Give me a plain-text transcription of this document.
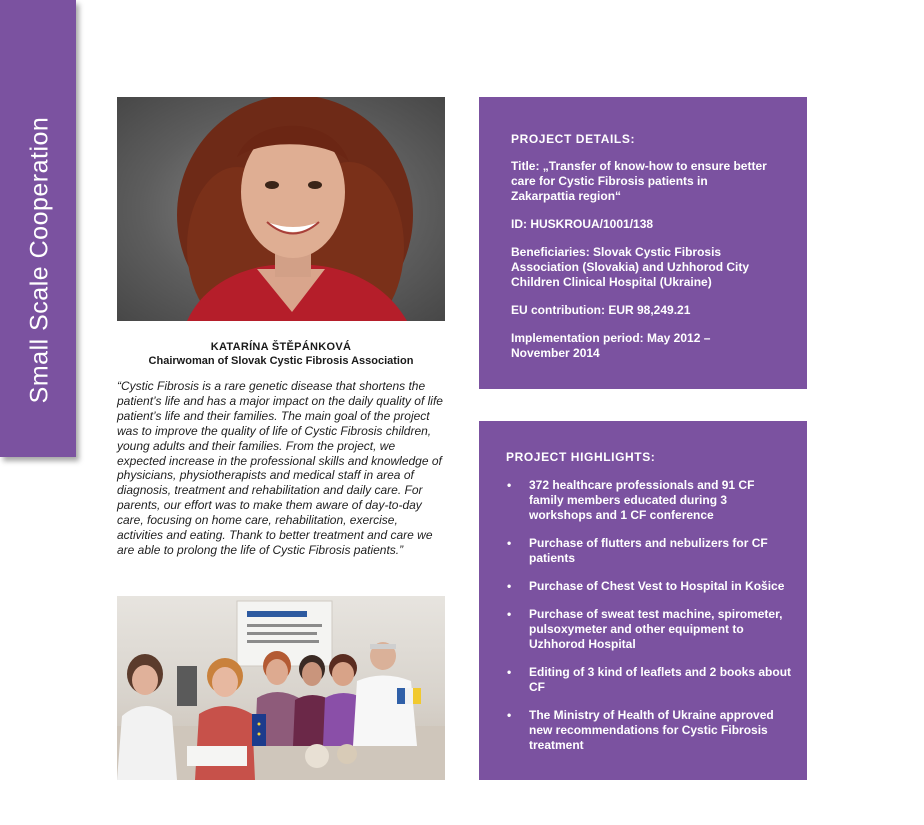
Small Scale Cooperation	KATARÍNA ŠTĚPÁNKOVÁ
Chairwoman of Slovak Cystic Fibrosis Association
“Cystic Fibrosis is a rare genetic disease that shortens the patient’s life and has a major impact on the daily quality of life patient’s life and their families. The main goal of the project was to improve the quality of life of Cystic Fibrosis children, young adults and their families. From the project, we expected increase in the professional skills and knowledge of physicians, physiotherapists and medical staff in area of diagnosis, treatment and rehabilitation and daily care. For parents, our effort was to make them aware of day-to-day care, focusing on home care, rehabilitation, exercise, activities and eating. Thank to better treatment and care we are able to prolong the life of Cystic Fibrosis patients.”
PROJECT DETAILS:
Title: „Transfer of know-how to ensure better care for Cystic Fibrosis patients in Zakarpattia region“
ID: HUSKROUA/1001/138
Beneficiaries: Slovak Cystic Fibrosis Association (Slovakia) and Uzhhorod City Children Clinical Hospital (Ukraine)
EU contribution: EUR 98,249.21
Implementation period: May 2012 – November 2014
PROJECT HIGHLIGHTS:
• 372 healthcare professionals and 91 CF family members educated during 3 workshops and 1 CF conference
• Purchase of flutters and nebulizers for CF patients
• Purchase of Chest Vest to Hospital in Košice
• Purchase of sweat test machine, spirometer, pulsoxymeter and other equipment to Uzhhorod Hospital
• Editing of 3 kind of leaflets and 2 books about CF
• The Ministry of Health of Ukraine approved new recommendations for Cystic Fibrosis treatment
